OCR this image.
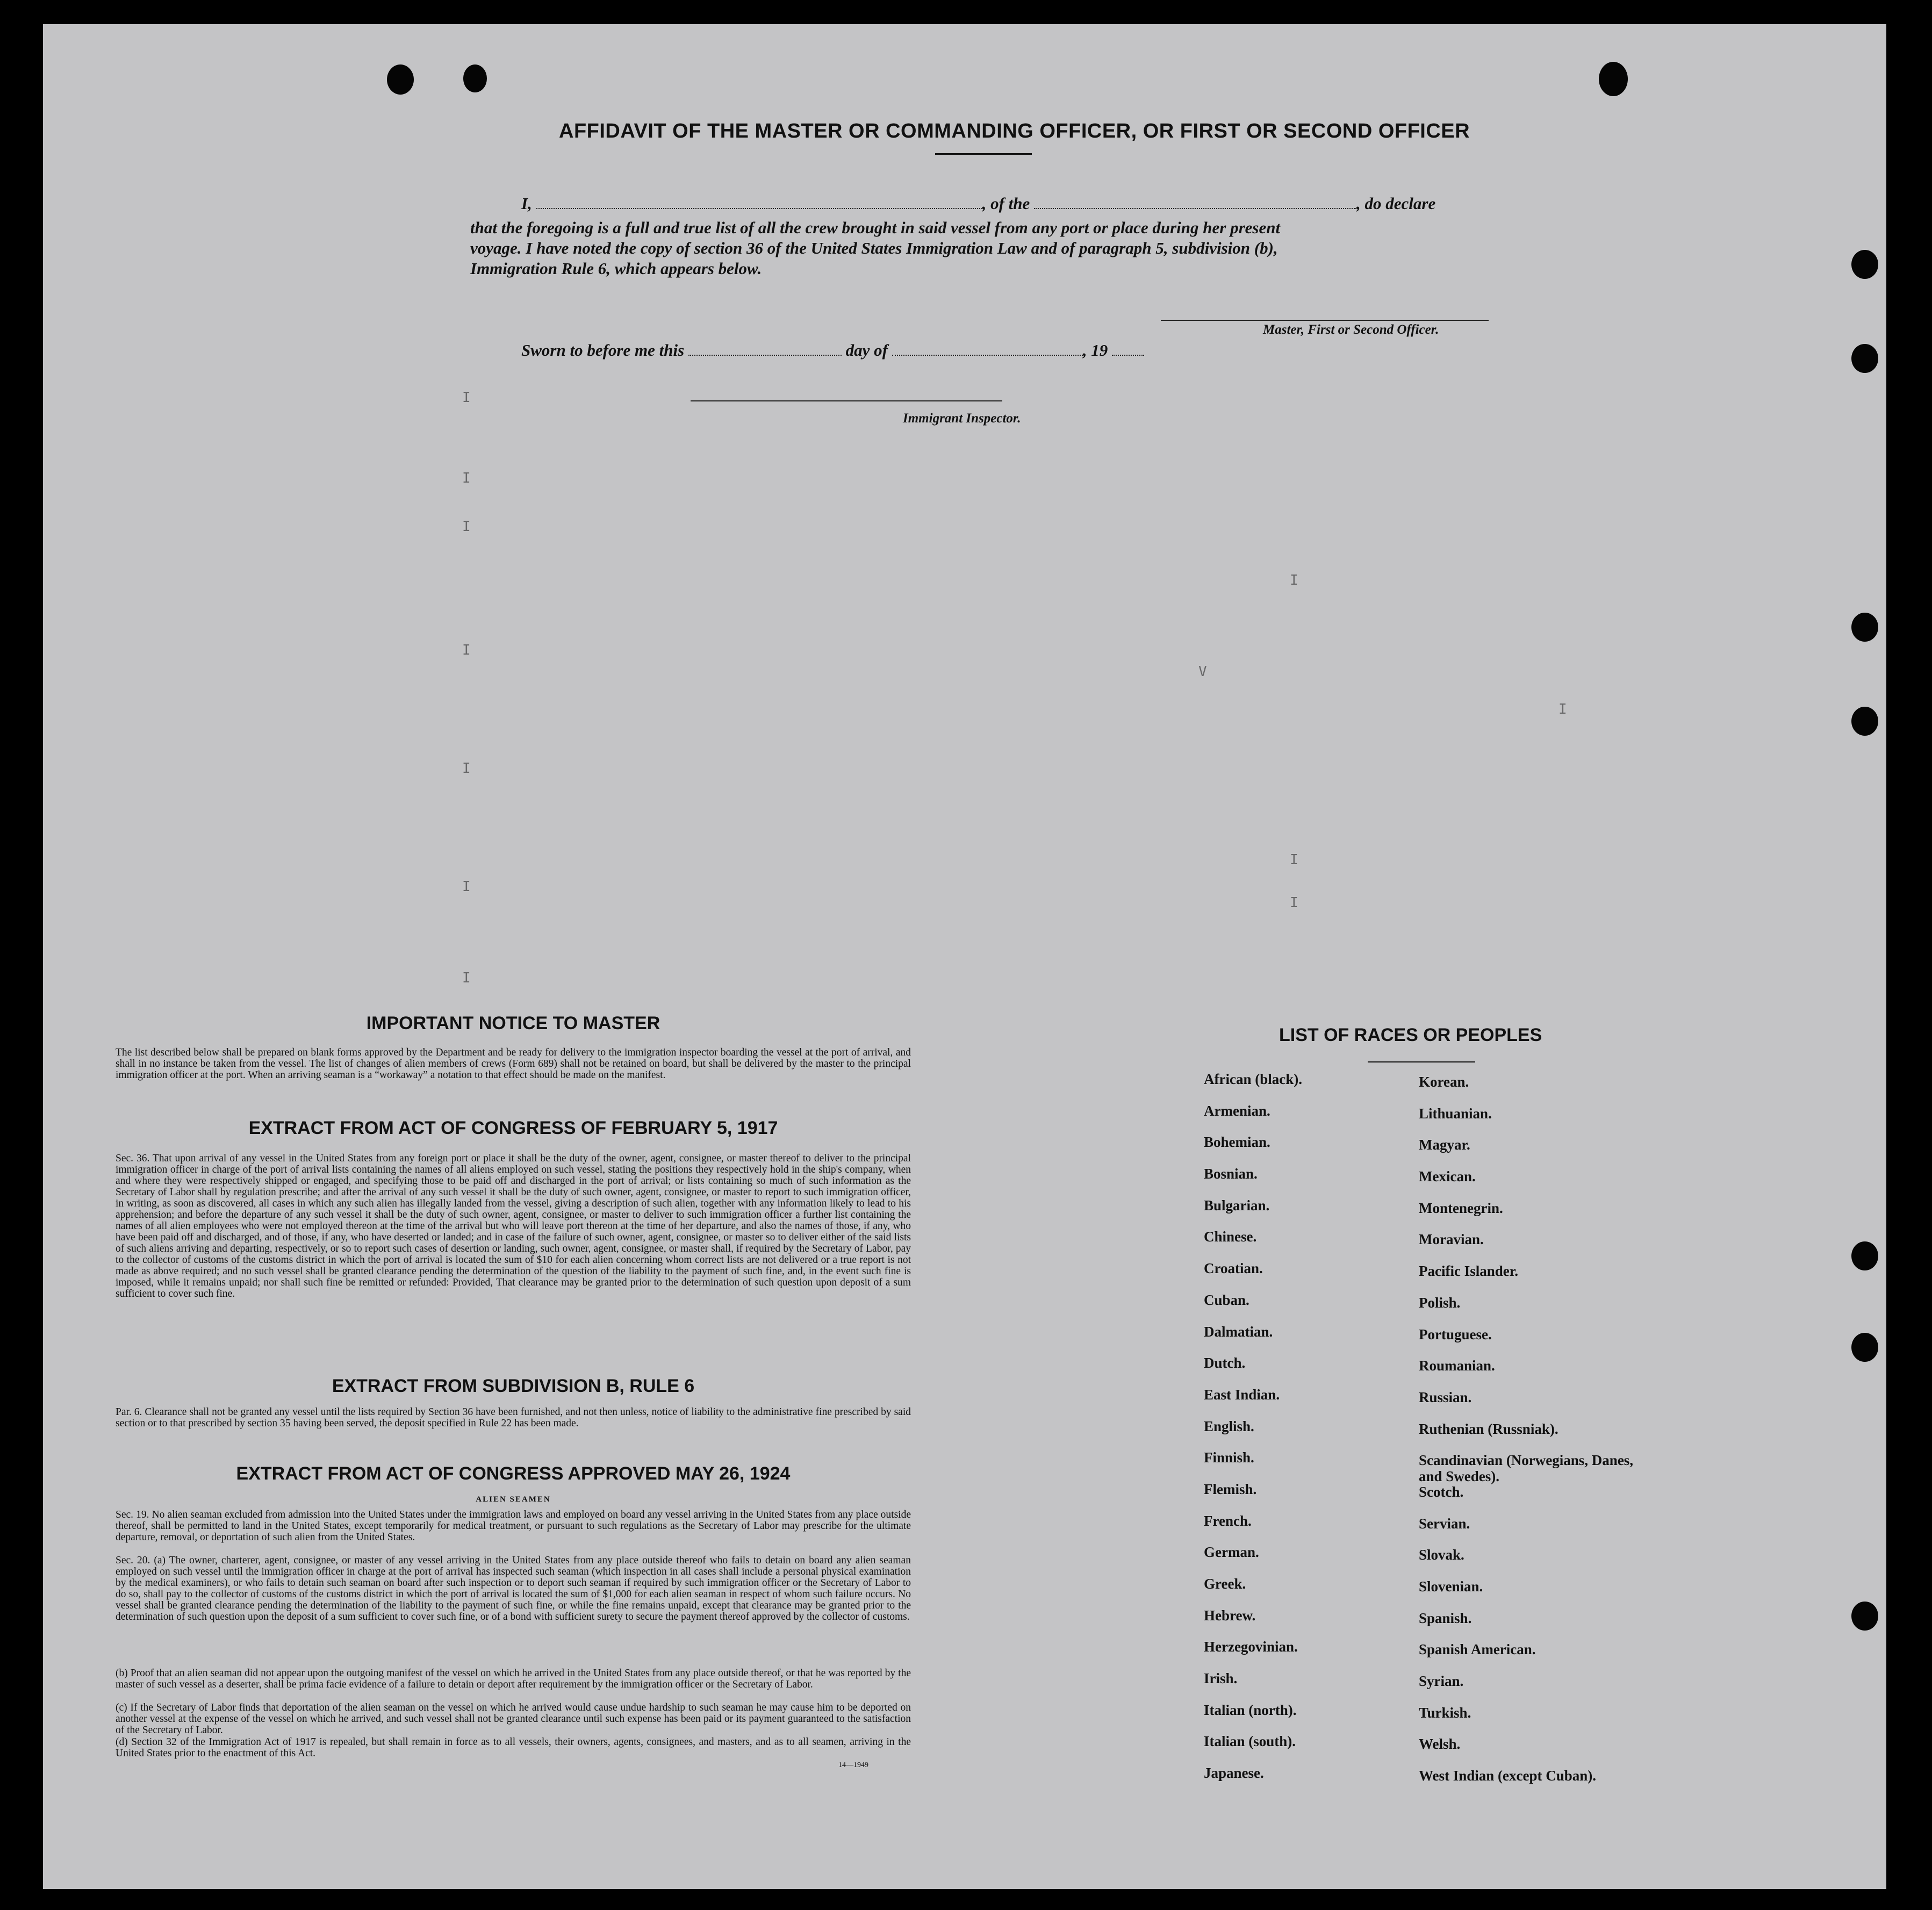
I
I
I
I
I
I
I
I
I
I
I
V
AFFIDAVIT OF THE MASTER OR COMMANDING OFFICER, OR FIRST OR SECOND OFFICER
I,	, of the	, do declare
that the foregoing is a full and true list of all the crew brought in said vessel from any port or place during her present
voyage. I have noted the copy of section 36 of the United States Immigration Law and of paragraph 5, subdivision (b),
Immigration Rule 6, which appears below.
Master, First or Second Officer.
Sworn to before me this	day of	, 19
Immigrant Inspector.
IMPORTANT NOTICE TO MASTER
The list described below shall be prepared on blank forms approved by the Department and be ready for delivery to the immigration inspector boarding the vessel at the port of arrival, and shall in no instance be taken from the vessel. The list of changes of alien members of crews (Form 689) shall not be retained on board, but shall be delivered by the master to the principal immigration officer at the port. When an arriving seaman is a “workaway” a notation to that effect should be made on the manifest.
EXTRACT FROM ACT OF CONGRESS OF FEBRUARY 5, 1917
Sec. 36. That upon arrival of any vessel in the United States from any foreign port or place it shall be the duty of the owner, agent, consignee, or master thereof to deliver to the principal immigration officer in charge of the port of arrival lists containing the names of all aliens employed on such vessel, stating the positions they respectively hold in the ship's company, when and where they were respectively shipped or engaged, and specifying those to be paid off and discharged in the port of arrival; or lists containing so much of such information as the Secretary of Labor shall by regulation prescribe; and after the arrival of any such vessel it shall be the duty of such owner, agent, consignee, or master to report to such immigration officer, in writing, as soon as discovered, all cases in which any such alien has illegally landed from the vessel, giving a description of such alien, together with any information likely to lead to his apprehension; and before the departure of any such vessel it shall be the duty of such owner, agent, consignee, or master to deliver to such immigration officer a further list containing the names of all alien employees who were not employed thereon at the time of the arrival but who will leave port thereon at the time of her departure, and also the names of those, if any, who have been paid off and discharged, and of those, if any, who have deserted or landed; and in case of the failure of such owner, agent, consignee, or master so to deliver either of the said lists of such aliens arriving and departing, respectively, or so to report such cases of desertion or landing, such owner, agent, consignee, or master shall, if required by the Secretary of Labor, pay to the collector of customs of the customs district in which the port of arrival is located the sum of $10 for each alien concerning whom correct lists are not delivered or a true report is not made as above required; and no such vessel shall be granted clearance pending the determination of the question of the liability to the payment of such fine, and, in the event such fine is imposed, while it remains unpaid; nor shall such fine be remitted or refunded: Provided, That clearance may be granted prior to the determination of such question upon deposit of a sum sufficient to cover such fine.
EXTRACT FROM SUBDIVISION B, RULE 6
Par. 6. Clearance shall not be granted any vessel until the lists required by Section 36 have been furnished, and not then unless, notice of liability to the administrative fine prescribed by said section or to that prescribed by section 35 having been served, the deposit specified in Rule 22 has been made.
EXTRACT FROM ACT OF CONGRESS APPROVED MAY 26, 1924
ALIEN SEAMEN
Sec. 19. No alien seaman excluded from admission into the United States under the immigration laws and employed on board any vessel arriving in the United States from any place outside thereof, shall be permitted to land in the United States, except temporarily for medical treatment, or pursuant to such regulations as the Secretary of Labor may prescribe for the ultimate departure, removal, or deportation of such alien from the United States.
Sec. 20. (a) The owner, charterer, agent, consignee, or master of any vessel arriving in the United States from any place outside thereof who fails to detain on board any alien seaman employed on such vessel until the immigration officer in charge at the port of arrival has inspected such seaman (which inspection in all cases shall include a personal physical examination by the medical examiners), or who fails to detain such seaman on board after such inspection or to deport such seaman if required by such immigration officer or the Secretary of Labor to do so, shall pay to the collector of customs of the customs district in which the port of arrival is located the sum of $1,000 for each alien seaman in respect of whom such failure occurs. No vessel shall be granted clearance pending the determination of the liability to the payment of such fine, or while the fine remains unpaid, except that clearance may be granted prior to the determination of such question upon the deposit of a sum sufficient to cover such fine, or of a bond with sufficient surety to secure the payment thereof approved by the collector of customs.
(b) Proof that an alien seaman did not appear upon the outgoing manifest of the vessel on which he arrived in the United States from any place outside thereof, or that he was reported by the master of such vessel as a deserter, shall be prima facie evidence of a failure to detain or deport after requirement by the immigration officer or the Secretary of Labor.
(c) If the Secretary of Labor finds that deportation of the alien seaman on the vessel on which he arrived would cause undue hardship to such seaman he may cause him to be deported on another vessel at the expense of the vessel on which he arrived, and such vessel shall not be granted clearance until such expense has been paid or its payment guaranteed to the satisfaction of the Secretary of Labor.
(d) Section 32 of the Immigration Act of 1917 is repealed, but shall remain in force as to all vessels, their owners, agents, consignees, and masters, and as to all seamen, arriving in the United States prior to the enactment of this Act.
14—1949
LIST OF RACES OR PEOPLES
African (black).
Armenian.
Bohemian.
Bosnian.
Bulgarian.
Chinese.
Croatian.
Cuban.
Dalmatian.
Dutch.
East Indian.
English.
Finnish.
Flemish.
French.
German.
Greek.
Hebrew.
Herzegovinian.
Irish.
Italian (north).
Italian (south).
Japanese.
Korean.
Lithuanian.
Magyar.
Mexican.
Montenegrin.
Moravian.
Pacific Islander.
Polish.
Portuguese.
Roumanian.
Russian.
Ruthenian (Russniak).
Scandinavian (Norwegians, Danes, and Swedes).
Scotch.
Servian.
Slovak.
Slovenian.
Spanish.
Spanish American.
Syrian.
Turkish.
Welsh.
West Indian (except Cuban).
